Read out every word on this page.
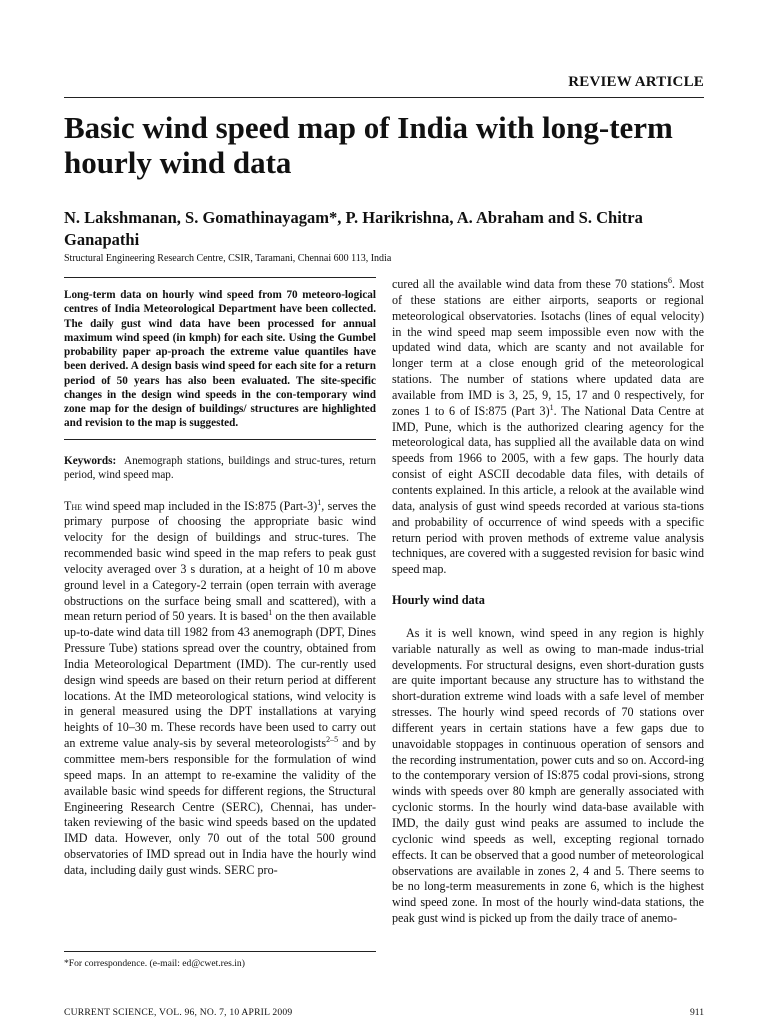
REVIEW ARTICLE
Basic wind speed map of India with long-term hourly wind data
N. Lakshmanan, S. Gomathinayagam*, P. Harikrishna, A. Abraham and S. Chitra Ganapathi
Structural Engineering Research Centre, CSIR, Taramani, Chennai 600 113, India
Long-term data on hourly wind speed from 70 meteoro-logical centres of India Meteorological Department have been collected. The daily gust wind data have been processed for annual maximum wind speed (in kmph) for each site. Using the Gumbel probability paper ap-proach the extreme value quantiles have been derived. A design basis wind speed for each site for a return period of 50 years has also been evaluated. The site-specific changes in the design wind speeds in the con-temporary wind zone map for the design of buildings/ structures are highlighted and revision to the map is suggested.
Keywords: Anemograph stations, buildings and struc-tures, return period, wind speed map.
The wind speed map included in the IS:875 (Part-3)$^1$, serves the primary purpose of choosing the appropriate basic wind velocity for the design of buildings and struc-tures. The recommended basic wind speed in the map refers to peak gust velocity averaged over 3 s duration, at a height of 10 m above ground level in a Category-2 terrain (open terrain with average obstructions on the surface being small and scattered), with a mean return period of 50 years. It is based$^1$ on the then available up-to-date wind data till 1982 from 43 anemograph (DPT, Dines Pressure Tube) stations spread over the country, obtained from India Meteorological Department (IMD). The cur-rently used design wind speeds are based on their return period at different locations. At the IMD meteorological stations, wind velocity is in general measured using the DPT installations at varying heights of 10–30 m. These records have been used to carry out an extreme value analy-sis by several meteorologists$^{2-5}$ and by committee mem-bers responsible for the formulation of wind speed maps. In an attempt to re-examine the validity of the available basic wind speeds for different regions, the Structural Engineering Research Centre (SERC), Chennai, has under-taken reviewing of the basic wind speeds based on the updated IMD data. However, only 70 out of the total 500 ground observatories of IMD spread out in India have the hourly wind data, including daily gust winds. SERC pro-
cured all the available wind data from these 70 stations$^6$. Most of these stations are either airports, seaports or regional meteorological observatories. Isotachs (lines of equal velocity) in the wind speed map seem impossible even now with the updated wind data, which are scanty and not available for longer term at a close enough grid of the meteorological stations. The number of stations where updated data are available from IMD is 3, 25, 9, 15, 17 and 0 respectively, for zones 1 to 6 of IS:875 (Part 3)$^1$. The National Data Centre at IMD, Pune, which is the authorized clearing agency for the meteorological data, has supplied all the available data on wind speeds from 1966 to 2005, with a few gaps. The hourly data consist of eight ASCII decodable data files, with details of contents explained. In this article, a relook at the available wind data, analysis of gust wind speeds recorded at various sta-tions and probability of occurrence of wind speeds with a specific return period with proven methods of extreme value analysis techniques, are covered with a suggested revision for basic wind speed map.
Hourly wind data
As it is well known, wind speed in any region is highly variable naturally as well as owing to man-made indus-trial developments. For structural designs, even short-duration gusts are quite important because any structure has to withstand the short-duration extreme wind loads with a safe level of member stresses. The hourly wind speed records of 70 stations over different years in certain stations have a few gaps due to unavoidable stoppages in continuous operation of sensors and the recording instrumentation, power cuts and so on. Accord-ing to the contemporary version of IS:875 codal provi-sions, strong winds with speeds over 80 kmph are generally associated with cyclonic storms. In the hourly wind data-base available with IMD, the daily gust wind peaks are assumed to include the cyclonic wind speeds as well, excepting regional tornado effects. It can be observed that a good number of meteorological observations are available in zones 2, 4 and 5. There seems to be no long-term measurements in zone 6, which is the highest wind speed zone. In most of the hourly wind-data stations, the peak gust wind is picked up from the daily trace of anemo-
*For correspondence. (e-mail: ed@cwet.res.in)
CURRENT SCIENCE, VOL. 96, NO. 7, 10 APRIL 2009	911
